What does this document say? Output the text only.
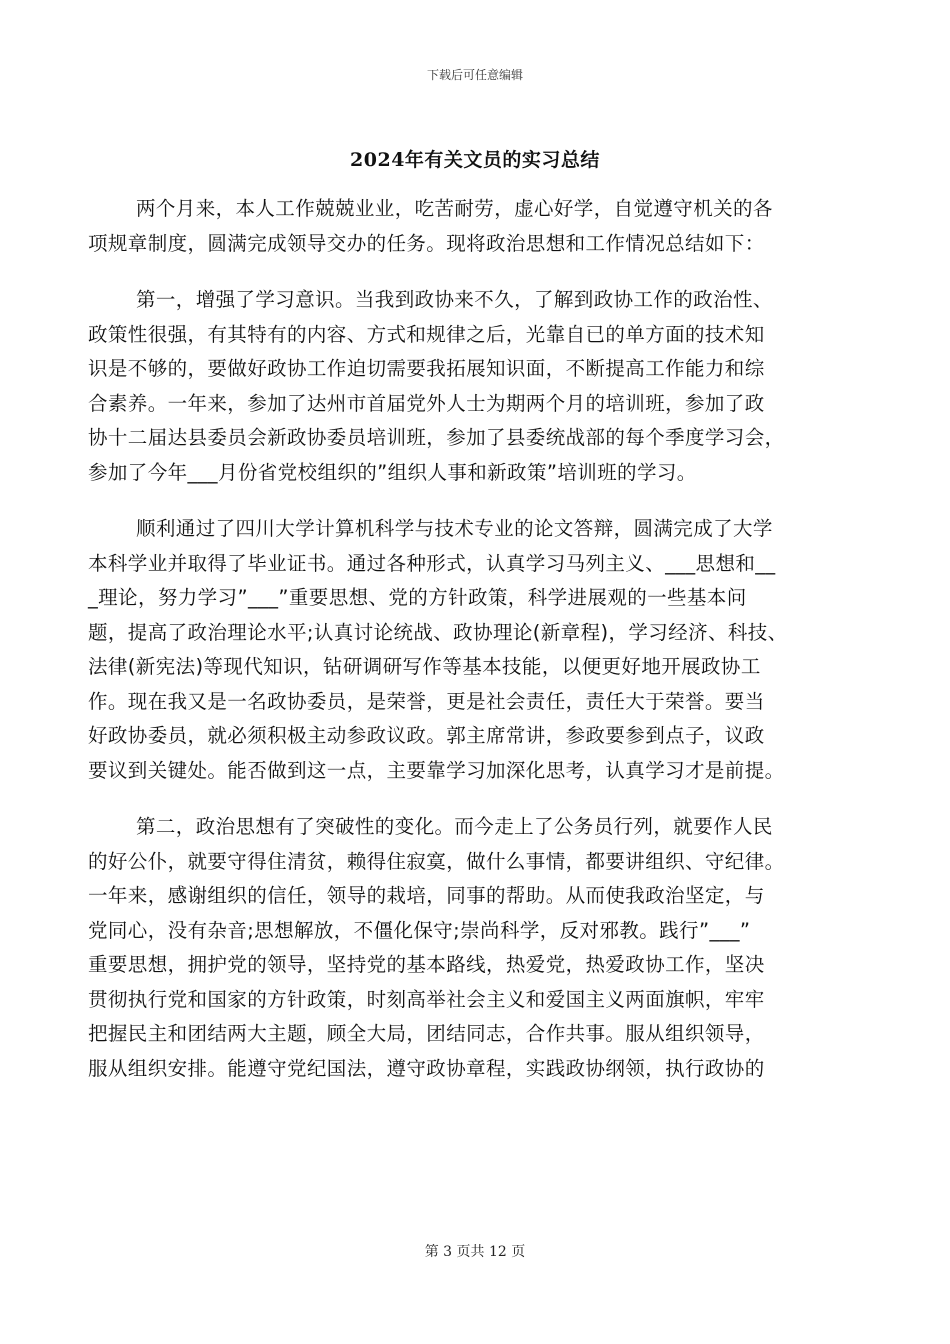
下载后可任意编辑
2024年有关文员的实习总结
两个月来，本人工作兢兢业业，吃苦耐劳，虚心好学，自觉遵守机关的各
项规章制度，圆满完成领导交办的任务。现将政治思想和工作情况总结如下：
第一，增强了学习意识。当我到政协来不久，了解到政协工作的政治性、
政策性很强，有其特有的内容、方式和规律之后，光靠自已的单方面的技术知
识是不够的，要做好政协工作迫切需要我拓展知识面，不断提高工作能力和综
合素养。一年来，参加了达州市首届党外人士为期两个月的培训班，参加了政
协十二届达县委员会新政协委员培训班，参加了县委统战部的每个季度学习会，
参加了今年___月份省党校组织的”组织人事和新政策”培训班的学习。
顺利通过了四川大学计算机科学与技术专业的论文答辩，圆满完成了大学
本科学业并取得了毕业证书。通过各种形式，认真学习马列主义、___思想和__
_理论，努力学习”___”重要思想、党的方针政策，科学进展观的一些基本问
题，提高了政治理论水平;认真讨论统战、政协理论(新章程)，学习经济、科技、
法律(新宪法)等现代知识，钻研调研写作等基本技能，以便更好地开展政协工
作。现在我又是一名政协委员，是荣誉，更是社会责任，责任大于荣誉。要当
好政协委员，就必须积极主动参政议政。郭主席常讲，参政要参到点子，议政
要议到关键处。能否做到这一点，主要靠学习加深化思考，认真学习才是前提。
第二，政治思想有了突破性的变化。而今走上了公务员行列，就要作人民
的好公仆，就要守得住清贫，赖得住寂寞，做什么事情，都要讲组织、守纪律。
一年来，感谢组织的信任，领导的栽培，同事的帮助。从而使我政治坚定，与
党同心，没有杂音;思想解放，不僵化保守;崇尚科学，反对邪教。践行”___”
重要思想，拥护党的领导，坚持党的基本路线，热爱党，热爱政协工作，坚决
贯彻执行党和国家的方针政策，时刻高举社会主义和爱国主义两面旗帜，牢牢
把握民主和团结两大主题，顾全大局，团结同志，合作共事。服从组织领导，
服从组织安排。能遵守党纪国法，遵守政协章程，实践政协纲领，执行政协的
第 3 页共 12 页
